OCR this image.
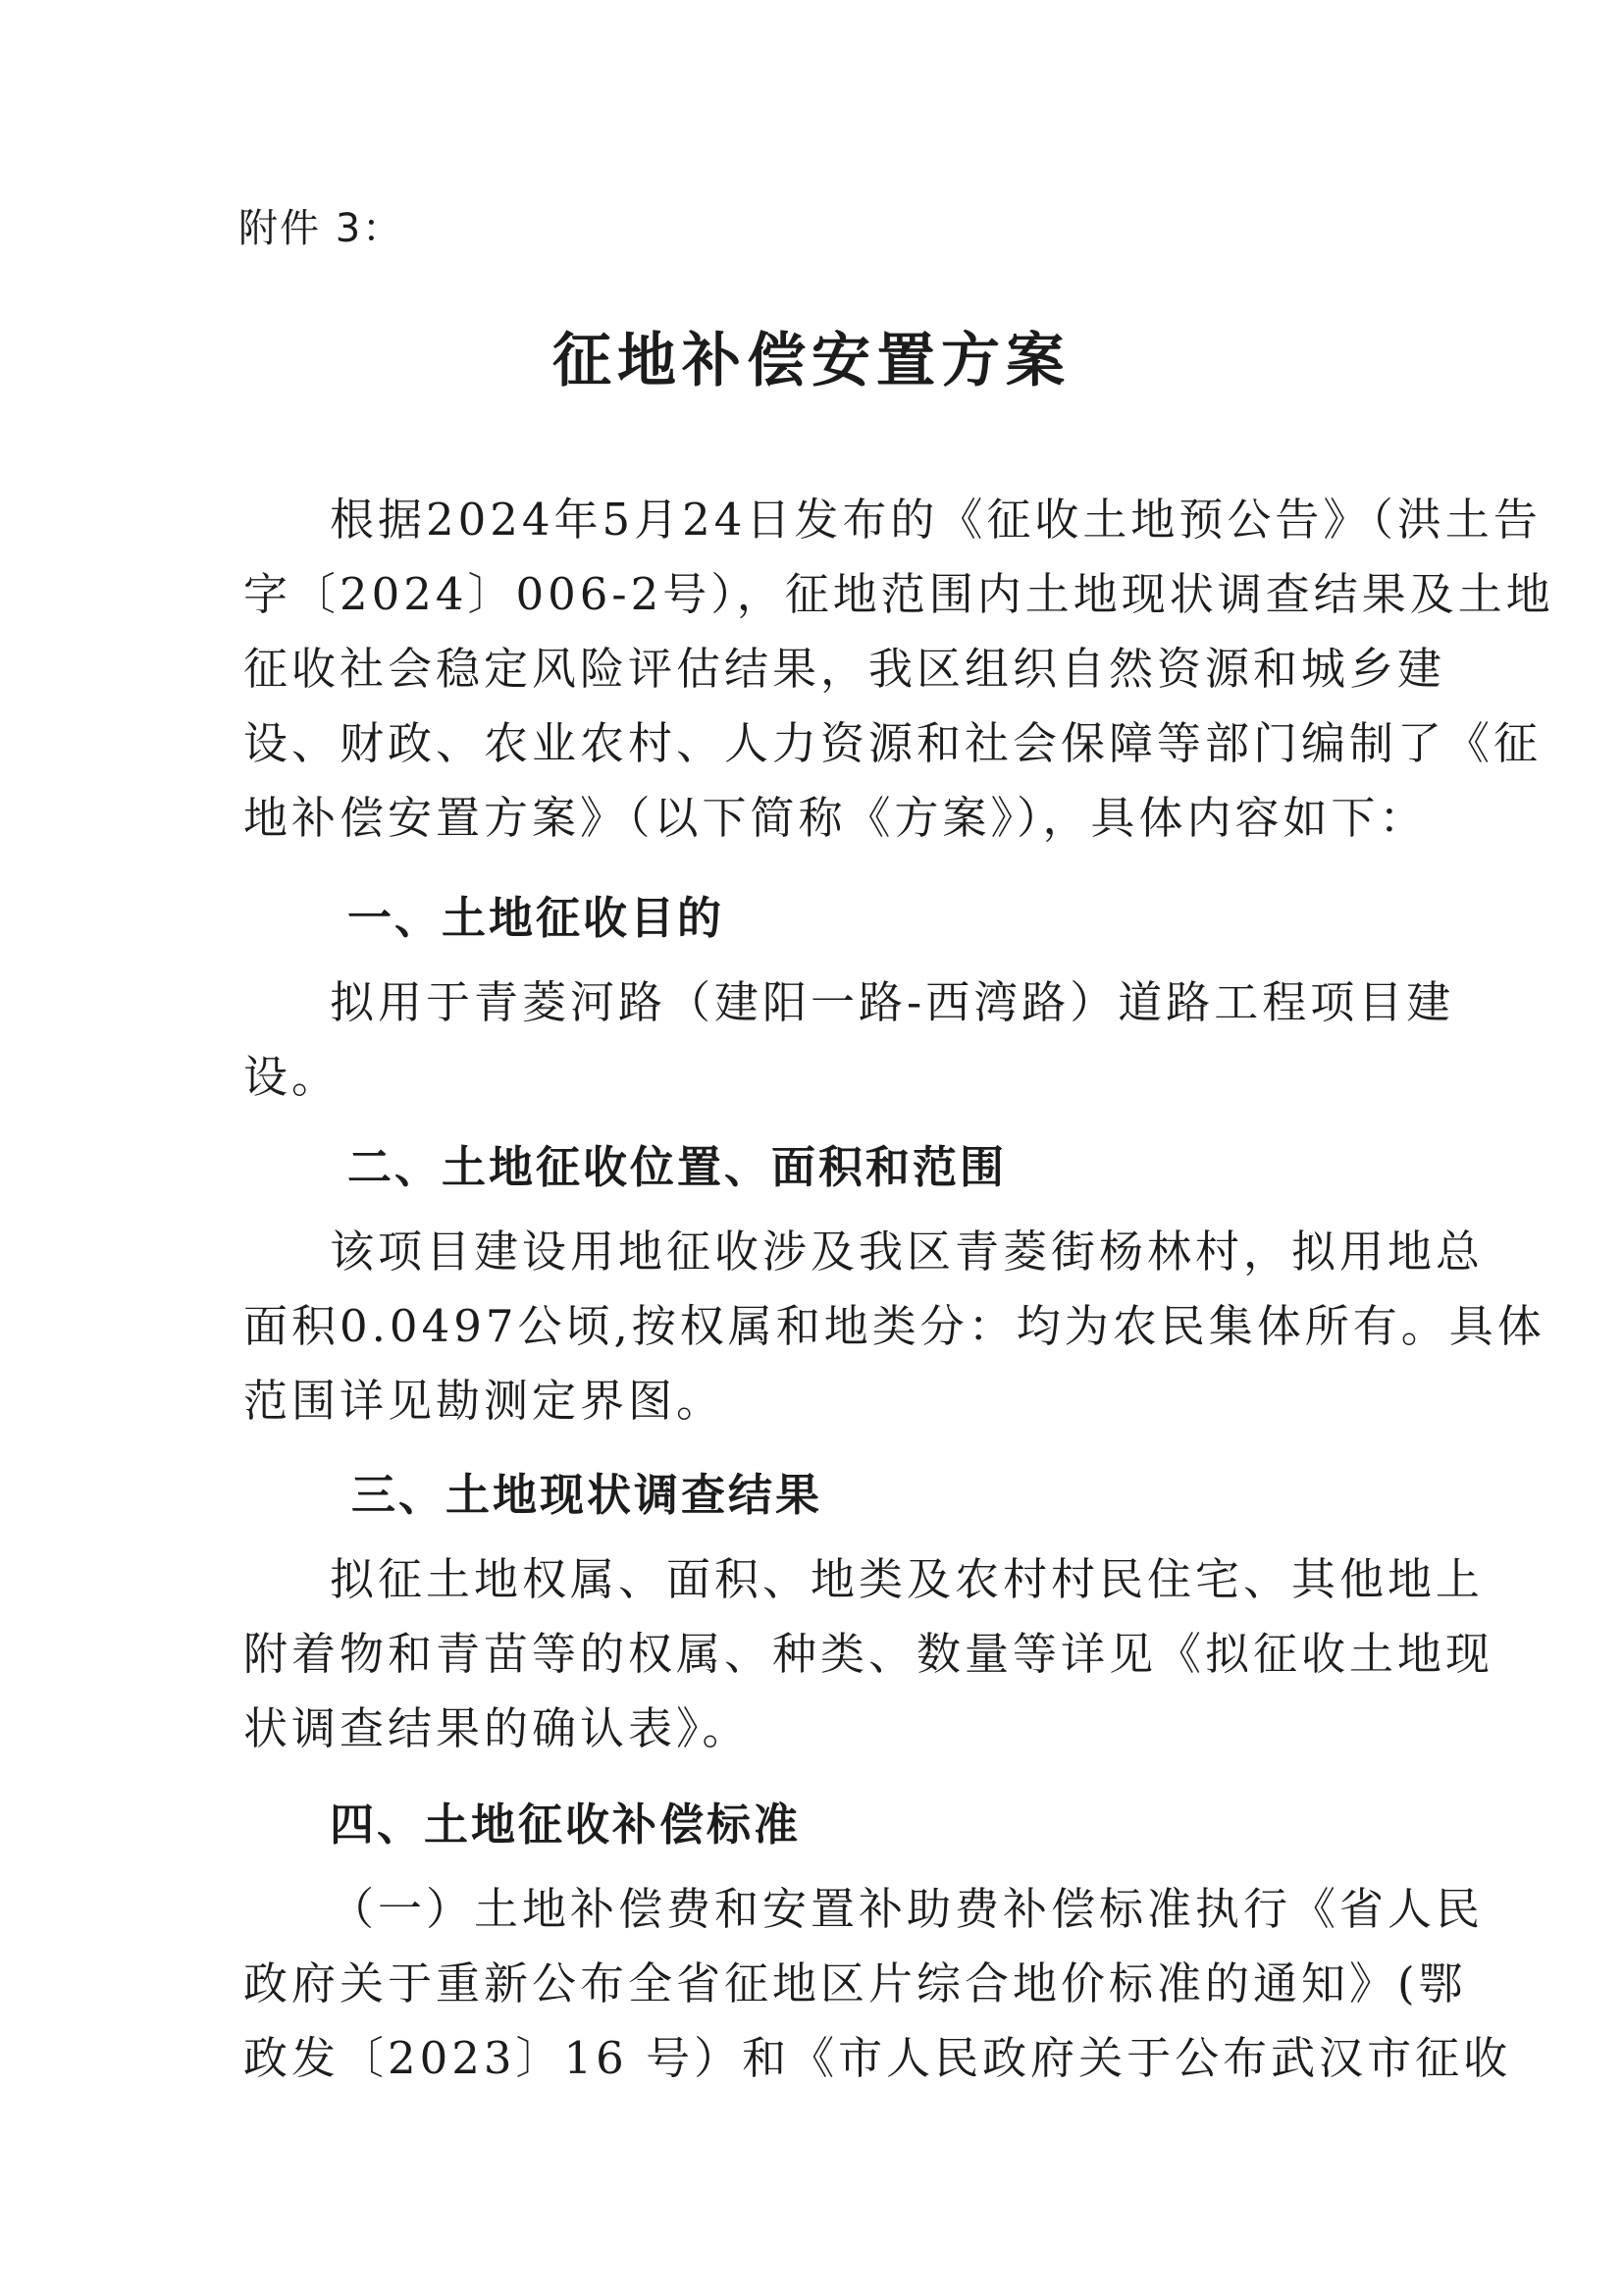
附件 3：
征地补偿安置方案
根据2024年5月24日发布的《征收土地预公告》（洪土告
字〔2024〕006-2号），征地范围内土地现状调查结果及土地
征收社会稳定风险评估结果，我区组织自然资源和城乡建
设、财政、农业农村、人力资源和社会保障等部门编制了《征
地补偿安置方案》（以下简称《方案》），具体内容如下：
一、土地征收目的
拟用于青菱河路（建阳一路-西湾路）道路工程项目建
设。
二、土地征收位置、面积和范围
该项目建设用地征收涉及我区青菱街杨林村，拟用地总
面积0.0497公顷,按权属和地类分：均为农民集体所有。具体
范围详见勘测定界图。
三、土地现状调查结果
拟征土地权属、面积、地类及农村村民住宅、其他地上
附着物和青苗等的权属、种类、数量等详见《拟征收土地现
状调查结果的确认表》。
四、土地征收补偿标准
（一）土地补偿费和安置补助费补偿标准执行《省人民
政府关于重新公布全省征地区片综合地价标准的通知》(鄂
政发〔2023〕16 号）和《市人民政府关于公布武汉市征收
